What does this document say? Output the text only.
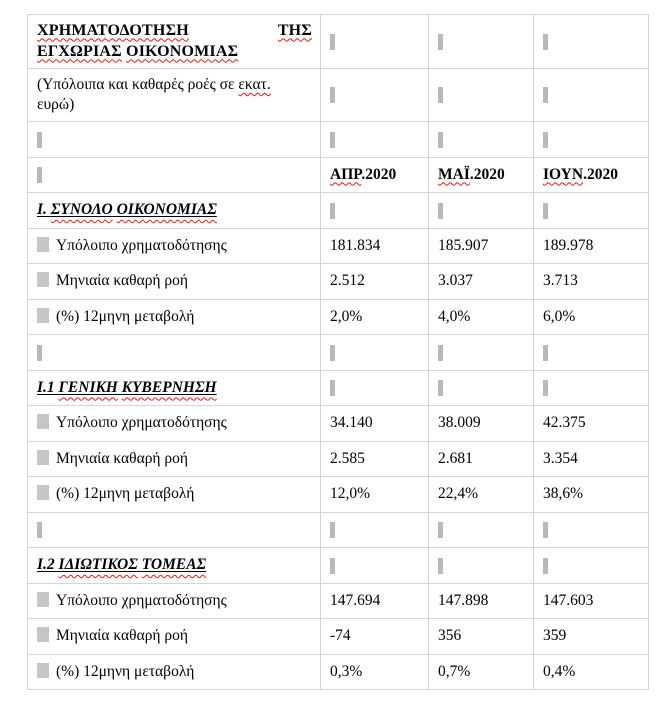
ΧΡΗΜΑΤΟΔΟΤΗΣΗ ΤΗΣ
ΕΓΧΩΡΙΑΣ ΟΙΚΟΝΟΜΙΑΣ			

(Υπόλοιπα και καθαρές ροές σε εκατ.
ευρώ)			

	ΑΠΡ.2020	ΜΑΪ.2020	ΙΟΥΝ.2020
Ι. ΣΥΝΟΛΟ ΟΙΚΟΝΟΜΙΑΣ			
Υπόλοιπο χρηματοδότησης	181.834	185.907	189.978
Μηνιαία καθαρή ροή	2.512	3.037	3.713
(%) 12μηνη μεταβολή	2,0%	4,0%	6,0%

Ι.1 ΓΕΝΙΚΗ ΚΥΒΕΡΝΗΣΗ			
Υπόλοιπο χρηματοδότησης	34.140	38.009	42.375
Μηνιαία καθαρή ροή	2.585	2.681	3.354
(%) 12μηνη μεταβολή	12,0%	22,4%	38,6%

Ι.2 ΙΔΙΩΤΙΚΟΣ ΤΟΜΕΑΣ			
Υπόλοιπο χρηματοδότησης	147.694	147.898	147.603
Μηνιαία καθαρή ροή	-74	356	359
(%) 12μηνη μεταβολή	0,3%	0,7%	0,4%
